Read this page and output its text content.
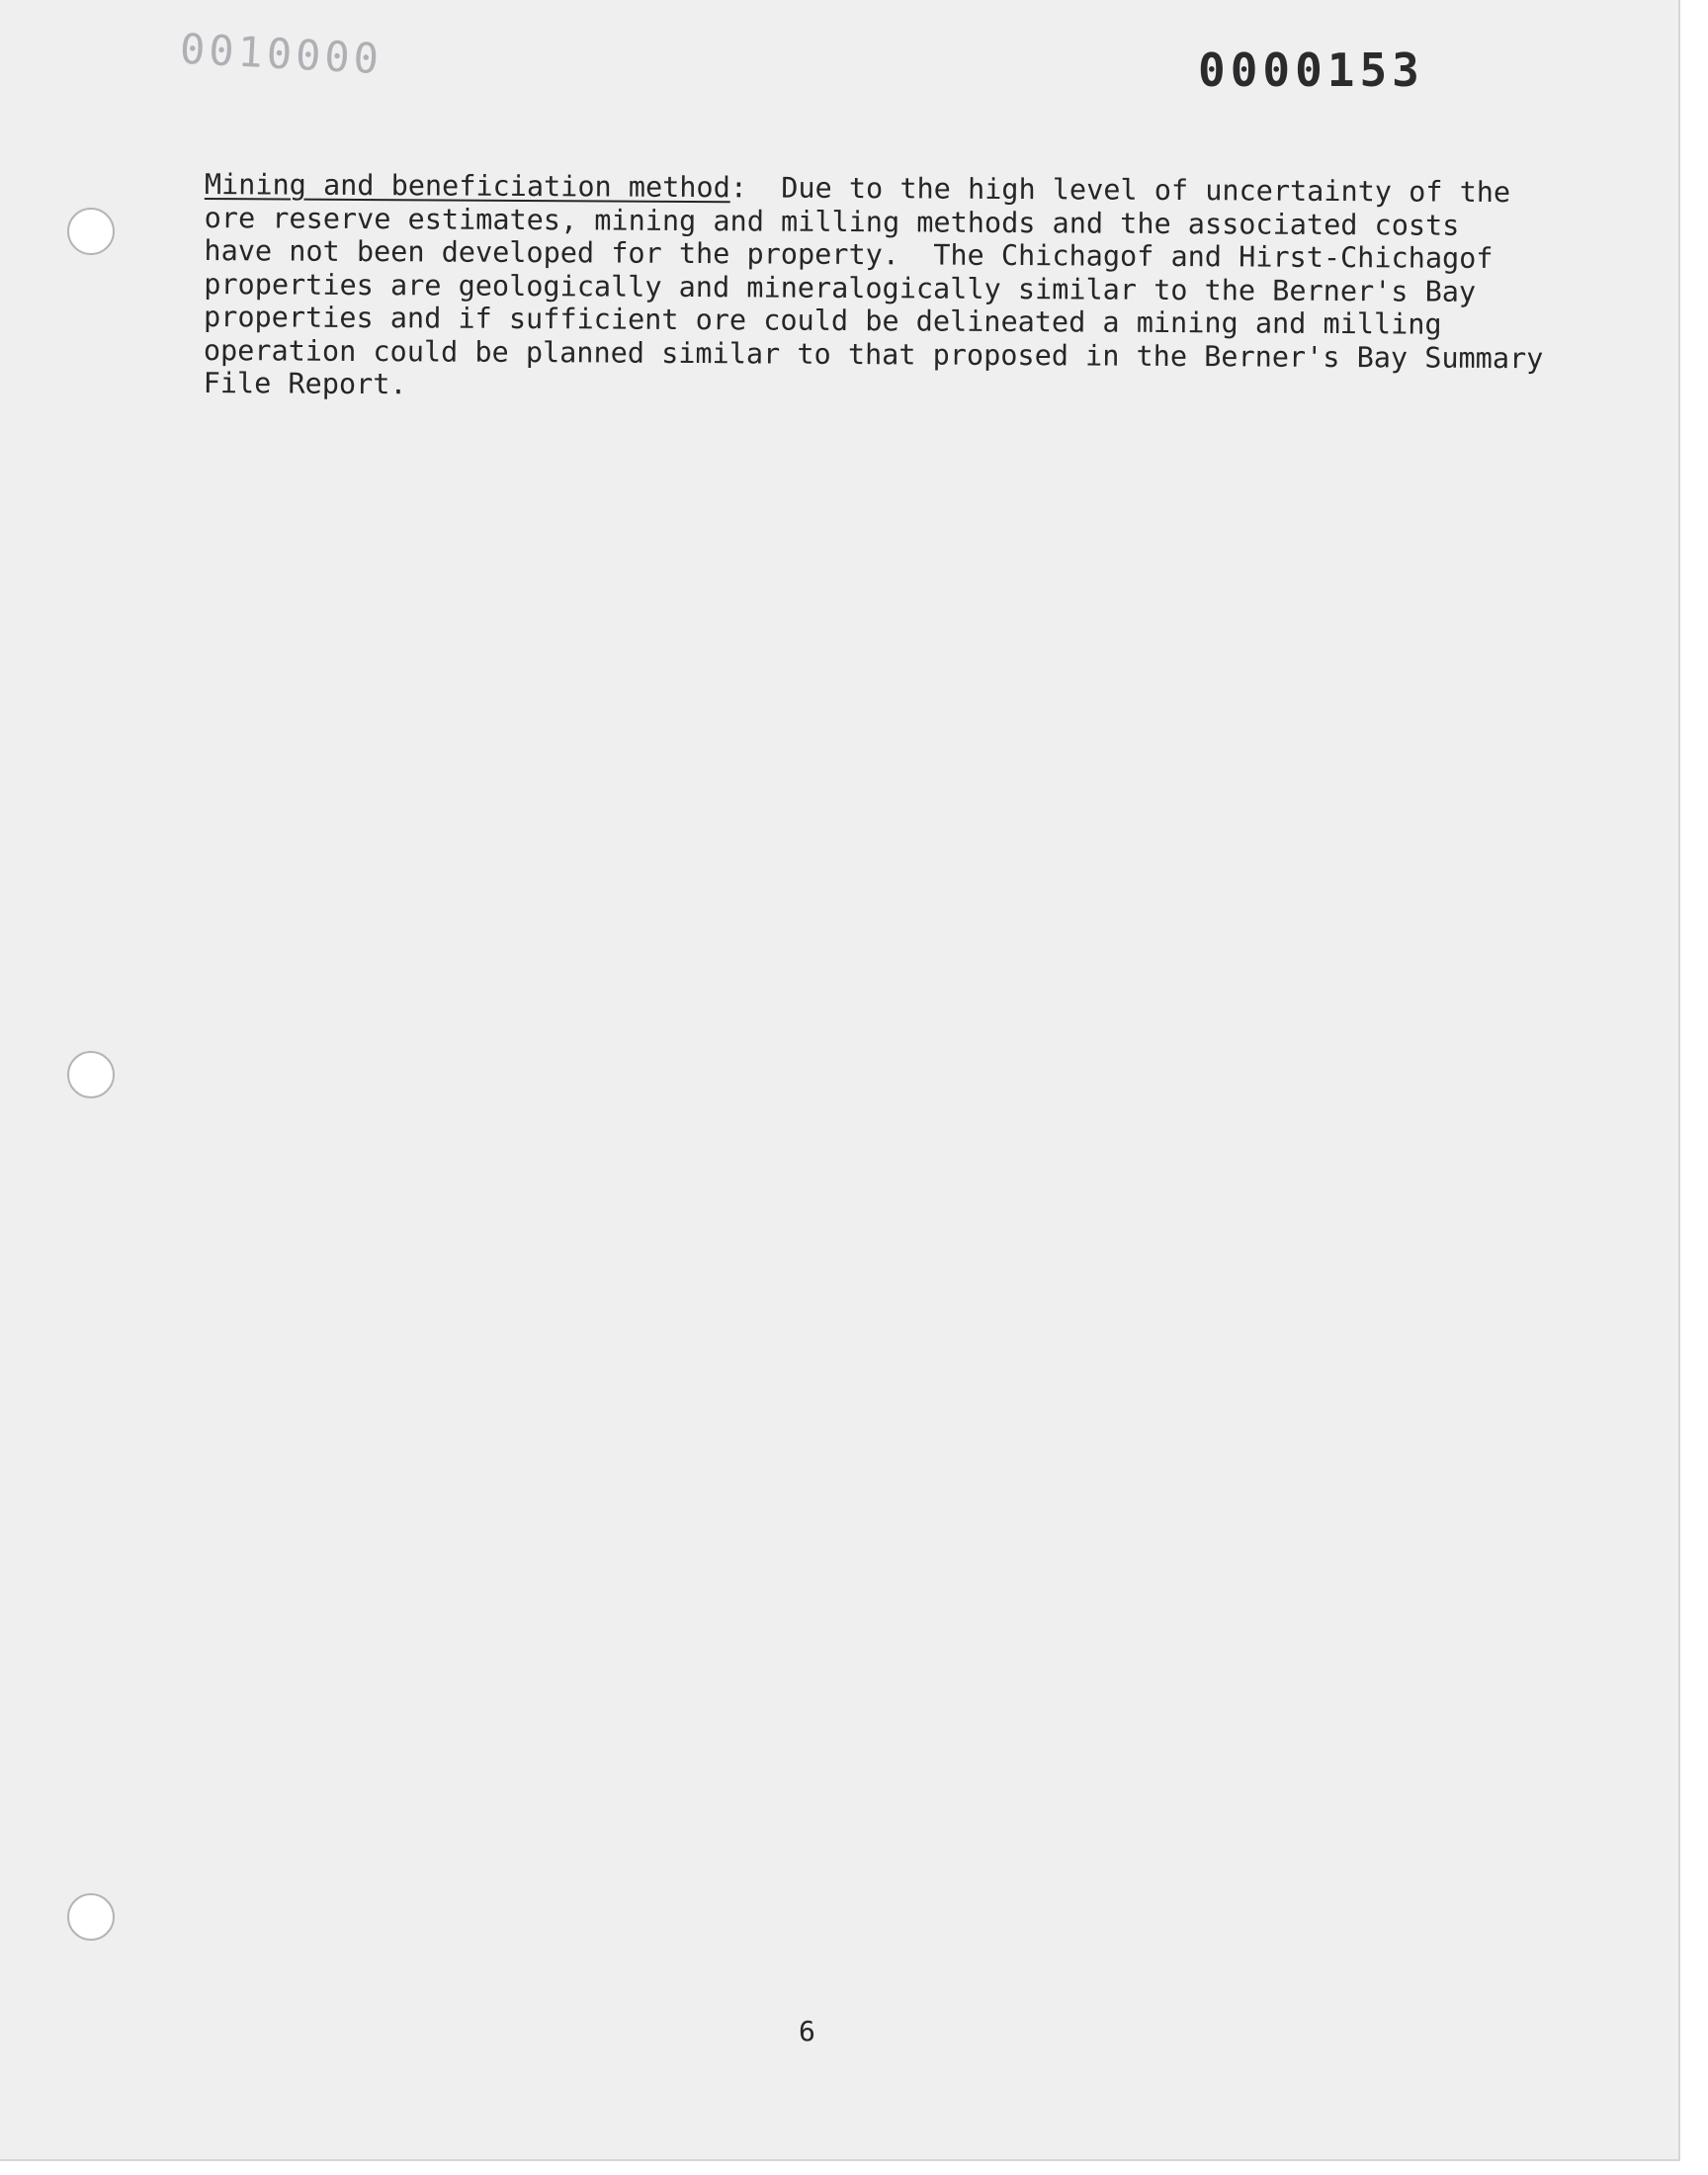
0010000	0000153
Mining and beneficiation method:  Due to the high level of uncertainty of the
ore reserve estimates, mining and milling methods and the associated costs
have not been developed for the property.  The Chichagof and Hirst-Chichagof
properties are geologically and mineralogically similar to the Berner's Bay
properties and if sufficient ore could be delineated a mining and milling
operation could be planned similar to that proposed in the Berner's Bay Summary
File Report.
6
